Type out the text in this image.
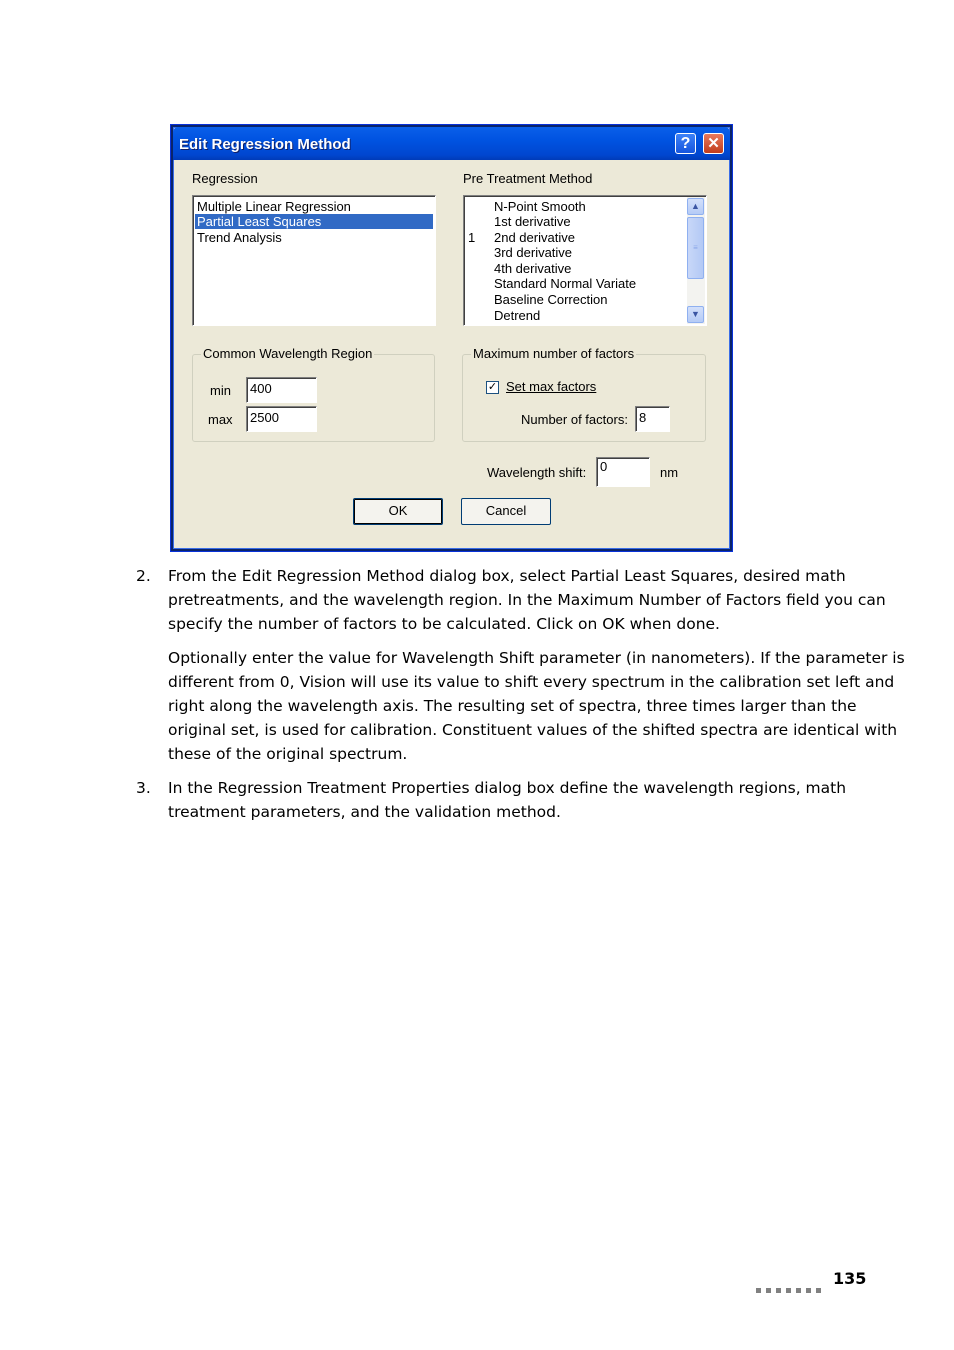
Edit Regression Method	?	✕
Regression
Multiple Linear Regression
Partial Least Squares
Trend Analysis
Pre Treatment Method
N-Point Smooth
1st derivative
1 2nd derivative
3rd derivative
4th derivative
Standard Normal Variate
Baseline Correction
Detrend
▲
≡
▼
Common Wavelength Region
min	400
max	2500
Maximum number of factors
✓ Set max factors
Number of factors: 8
Wavelength shift:	0	nm
OK	Cancel
2. From the Edit Regression Method dialog box, select Partial Least Squares, desired math
pretreatments, and the wavelength region. In the Maximum Number of Factors field you can
specify the number of factors to be calculated. Click on OK when done.
Optionally enter the value for Wavelength Shift parameter (in nanometers). If the parameter is
different from 0, Vision will use its value to shift every spectrum in the calibration set left and
right along the wavelength axis. The resulting set of spectra, three times larger than the
original set, is used for calibration. Constituent values of the shifted spectra are identical with
these of the original spectrum.
3. In the Regression Treatment Properties dialog box define the wavelength regions, math
treatment parameters, and the validation method.
135
